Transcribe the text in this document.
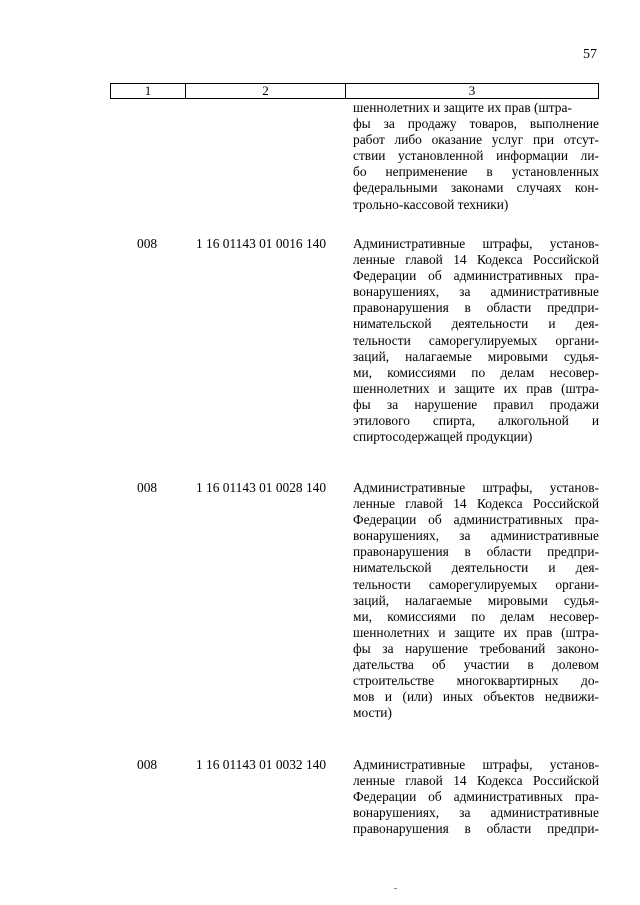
57
1	2	3
шеннолетних и защите их прав (штра-
фы за продажу товаров, выполнение
работ либо оказание услуг при отсут-
ствии установленной информации ли-
бо неприменение в установленных
федеральными законами случаях кон-
трольно-кассовой техники)
008	1 16 01143 01 0016 140 Административные штрафы, установ-
ленные главой 14 Кодекса Российской
Федерации об административных пра-
вонарушениях, за административные
правонарушения в области предпри-
нимательской деятельности и дея-
тельности саморегулируемых органи-
заций, налагаемые мировыми судья-
ми, комиссиями по делам несовер-
шеннолетних и защите их прав (штра-
фы за нарушение правил продажи
этилового спирта, алкогольной и
спиртосодержащей продукции)
008	1 16 01143 01 0028 140 Административные штрафы, установ-
ленные главой 14 Кодекса Российской
Федерации об административных пра-
вонарушениях, за административные
правонарушения в области предпри-
нимательской деятельности и дея-
тельности саморегулируемых органи-
заций, налагаемые мировыми судья-
ми, комиссиями по делам несовер-
шеннолетних и защите их прав (штра-
фы за нарушение требований законо-
дательства об участии в долевом
строительстве многоквартирных до-
мов и (или) иных объектов недвижи-
мости)
008	1 16 01143 01 0032 140 Административные штрафы, установ-
ленные главой 14 Кодекса Российской
Федерации об административных пра-
вонарушениях, за административные
правонарушения в области предпри-
